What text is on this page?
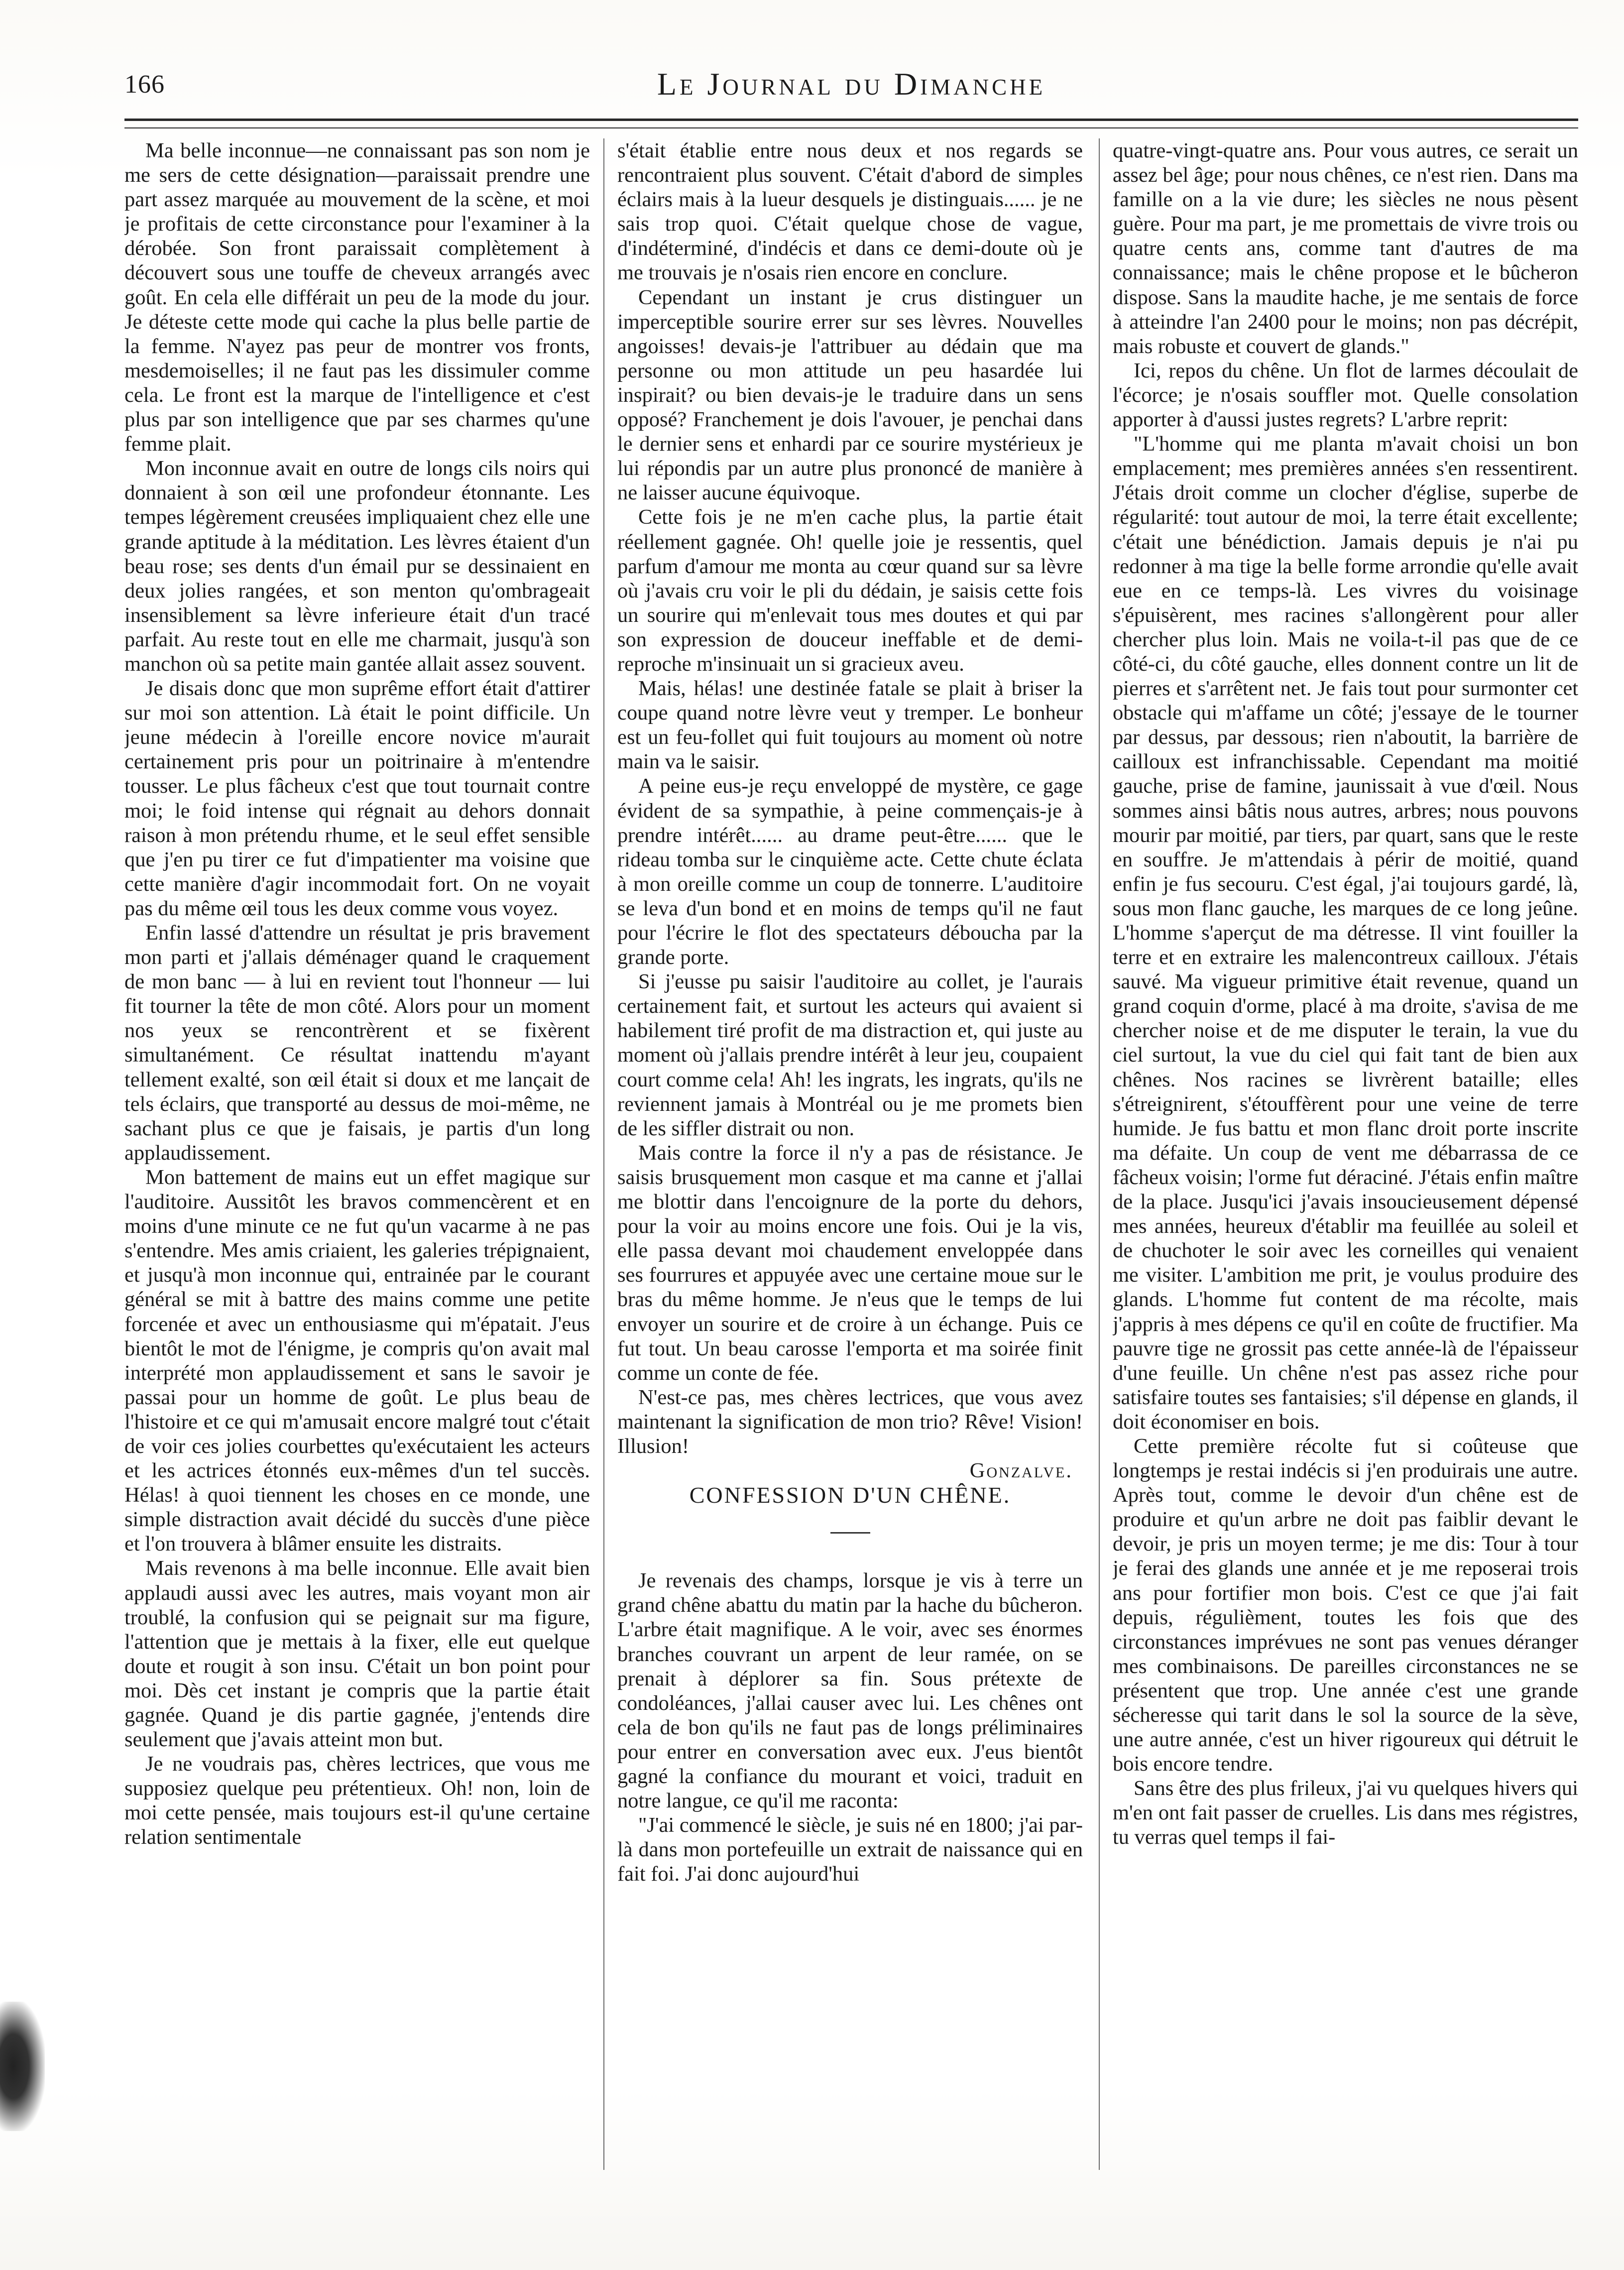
166	Le Journal du Dimanche

Ma belle inconnue—ne connaissant pas son nom je me sers de cette désignation—paraissait prendre une part assez marquée au mouvement de la scène, et moi je profitais de cette circonstance pour l'examiner à la dérobée. Son front paraissait complètement à découvert sous une touffe de cheveux arrangés avec goût. En cela elle différait un peu de la mode du jour. Je déteste cette mode qui cache la plus belle partie de la femme. N'ayez pas peur de montrer vos fronts, mesdemoiselles; il ne faut pas les dissimuler comme cela. Le front est la marque de l'intelligence et c'est plus par son intelligence que par ses charmes qu'une femme plait.

Mon inconnue avait en outre de longs cils noirs qui donnaient à son œil une profondeur étonnante. Les tempes légèrement creusées impliquaient chez elle une grande aptitude à la méditation. Les lèvres étaient d'un beau rose; ses dents d'un émail pur se dessinaient en deux jolies rangées, et son menton qu'ombrageait insensiblement sa lèvre inferieure était d'un tracé parfait. Au reste tout en elle me charmait, jusqu'à son manchon où sa petite main gantée allait assez souvent.

Je disais donc que mon suprême effort était d'attirer sur moi son attention. Là était le point difficile. Un jeune médecin à l'oreille encore novice m'aurait certainement pris pour un poitrinaire à m'entendre tousser. Le plus fâcheux c'est que tout tournait contre moi; le foid intense qui régnait au dehors donnait raison à mon prétendu rhume, et le seul effet sensible que j'en pu tirer ce fut d'impatienter ma voisine que cette manière d'agir incommodait fort. On ne voyait pas du même œil tous les deux comme vous voyez.

Enfin lassé d'attendre un résultat je pris bravement mon parti et j'allais déménager quand le craquement de mon banc — à lui en revient tout l'honneur — lui fit tourner la tête de mon côté. Alors pour un moment nos yeux se rencontrèrent et se fixèrent simultanément. Ce résultat inattendu m'ayant tellement exalté, son œil était si doux et me lançait de tels éclairs, que transporté au dessus de moi-même, ne sachant plus ce que je faisais, je partis d'un long applaudissement.

Mon battement de mains eut un effet magique sur l'auditoire. Aussitôt les bravos commencèrent et en moins d'une minute ce ne fut qu'un vacarme à ne pas s'entendre. Mes amis criaient, les galeries trépignaient, et jusqu'à mon inconnue qui, entrainée par le courant général se mit à battre des mains comme une petite forcenée et avec un enthousiasme qui m'épatait. J'eus bientôt le mot de l'énigme, je compris qu'on avait mal interprété mon applaudissement et sans le savoir je passai pour un homme de goût. Le plus beau de l'histoire et ce qui m'amusait encore malgré tout c'était de voir ces jolies courbettes qu'exécutaient les acteurs et les actrices étonnés eux-mêmes d'un tel succès. Hélas! à quoi tiennent les choses en ce monde, une simple distraction avait décidé du succès d'une pièce et l'on trouvera à blâmer ensuite les distraits.

Mais revenons à ma belle inconnue. Elle avait bien applaudi aussi avec les autres, mais voyant mon air troublé, la confusion qui se peignait sur ma figure, l'attention que je mettais à la fixer, elle eut quelque doute et rougit à son insu. C'était un bon point pour moi. Dès cet instant je compris que la partie était gagnée. Quand je dis partie gagnée, j'entends dire seulement que j'avais atteint mon but.

Je ne voudrais pas, chères lectrices, que vous me supposiez quelque peu prétentieux. Oh! non, loin de moi cette pensée, mais toujours est-il qu'une certaine relation sentimentale

s'était établie entre nous deux et nos regards se rencontraient plus souvent. C'était d'abord de simples éclairs mais à la lueur desquels je distinguais...... je ne sais trop quoi. C'était quelque chose de vague, d'indéterminé, d'indécis et dans ce demi-doute où je me trouvais je n'osais rien encore en conclure.

Cependant un instant je crus distinguer un imperceptible sourire errer sur ses lèvres. Nouvelles angoisses! devais-je l'attribuer au dédain que ma personne ou mon attitude un peu hasardée lui inspirait? ou bien devais-je le traduire dans un sens opposé? Franchement je dois l'avouer, je penchai dans le dernier sens et enhardi par ce sourire mystérieux je lui répondis par un autre plus prononcé de manière à ne laisser aucune équivoque.

Cette fois je ne m'en cache plus, la partie était réellement gagnée. Oh! quelle joie je ressentis, quel parfum d'amour me monta au cœur quand sur sa lèvre où j'avais cru voir le pli du dédain, je saisis cette fois un sourire qui m'enlevait tous mes doutes et qui par son expression de douceur ineffable et de demi-reproche m'insinuait un si gracieux aveu.

Mais, hélas! une destinée fatale se plait à briser la coupe quand notre lèvre veut y tremper. Le bonheur est un feu-follet qui fuit toujours au moment où notre main va le saisir.

A peine eus-je reçu enveloppé de mystère, ce gage évident de sa sympathie, à peine commençais-je à prendre intérêt...... au drame peut-être...... que le rideau tomba sur le cinquième acte. Cette chute éclata à mon oreille comme un coup de tonnerre. L'auditoire se leva d'un bond et en moins de temps qu'il ne faut pour l'écrire le flot des spectateurs déboucha par la grande porte.

Si j'eusse pu saisir l'auditoire au collet, je l'aurais certainement fait, et surtout les acteurs qui avaient si habilement tiré profit de ma distraction et, qui juste au moment où j'allais prendre intérêt à leur jeu, coupaient court comme cela! Ah! les ingrats, les ingrats, qu'ils ne reviennent jamais à Montréal ou je me promets bien de les siffler distrait ou non.

Mais contre la force il n'y a pas de résistance. Je saisis brusquement mon casque et ma canne et j'allai me blottir dans l'encoignure de la porte du dehors, pour la voir au moins encore une fois. Oui je la vis, elle passa devant moi chaudement enveloppée dans ses fourrures et appuyée avec une certaine moue sur le bras du même homme. Je n'eus que le temps de lui envoyer un sourire et de croire à un échange. Puis ce fut tout. Un beau carosse l'emporta et ma soirée finit comme un conte de fée.

N'est-ce pas, mes chères lectrices, que vous avez maintenant la signification de mon trio? Rêve! Vision! Illusion!

Gonzalve.

CONFESSION D'UN CHÊNE.

Je revenais des champs, lorsque je vis à terre un grand chêne abattu du matin par la hache du bûcheron. L'arbre était magnifique. A le voir, avec ses énormes branches couvrant un arpent de leur ramée, on se prenait à déplorer sa fin. Sous prétexte de condoléances, j'allai causer avec lui. Les chênes ont cela de bon qu'ils ne faut pas de longs préliminaires pour entrer en conversation avec eux. J'eus bientôt gagné la confiance du mourant et voici, traduit en notre langue, ce qu'il me raconta:

"J'ai commencé le siècle, je suis né en 1800; j'ai par-là dans mon portefeuille un extrait de naissance qui en fait foi. J'ai donc aujourd'hui

quatre-vingt-quatre ans. Pour vous autres, ce serait un assez bel âge; pour nous chênes, ce n'est rien. Dans ma famille on a la vie dure; les siècles ne nous pèsent guère. Pour ma part, je me promettais de vivre trois ou quatre cents ans, comme tant d'autres de ma connaissance; mais le chêne propose et le bûcheron dispose. Sans la maudite hache, je me sentais de force à atteindre l'an 2400 pour le moins; non pas décrépit, mais robuste et couvert de glands."

Ici, repos du chêne. Un flot de larmes découlait de l'écorce; je n'osais souffler mot. Quelle consolation apporter à d'aussi justes regrets? L'arbre reprit:

"L'homme qui me planta m'avait choisi un bon emplacement; mes premières années s'en ressentirent. J'étais droit comme un clocher d'église, superbe de régularité: tout autour de moi, la terre était excellente; c'était une bénédiction. Jamais depuis je n'ai pu redonner à ma tige la belle forme arrondie qu'elle avait eue en ce temps-là. Les vivres du voisinage s'épuisèrent, mes racines s'allongèrent pour aller chercher plus loin. Mais ne voila-t-il pas que de ce côté-ci, du côté gauche, elles donnent contre un lit de pierres et s'arrêtent net. Je fais tout pour surmonter cet obstacle qui m'affame un côté; j'essaye de le tourner par dessus, par dessous; rien n'aboutit, la barrière de cailloux est infranchissable. Cependant ma moitié gauche, prise de famine, jaunissait à vue d'œil. Nous sommes ainsi bâtis nous autres, arbres; nous pouvons mourir par moitié, par tiers, par quart, sans que le reste en souffre. Je m'attendais à périr de moitié, quand enfin je fus secouru. C'est égal, j'ai toujours gardé, là, sous mon flanc gauche, les marques de ce long jeûne. L'homme s'aperçut de ma détresse. Il vint fouiller la terre et en extraire les malencontreux cailloux. J'étais sauvé. Ma vigueur primitive était revenue, quand un grand coquin d'orme, placé à ma droite, s'avisa de me chercher noise et de me disputer le terain, la vue du ciel surtout, la vue du ciel qui fait tant de bien aux chênes. Nos racines se livrèrent bataille; elles s'étreignirent, s'étouffèrent pour une veine de terre humide. Je fus battu et mon flanc droit porte inscrite ma défaite. Un coup de vent me débarrassa de ce fâcheux voisin; l'orme fut déraciné. J'étais enfin maître de la place. Jusqu'ici j'avais insoucieusement dépensé mes années, heureux d'établir ma feuillée au soleil et de chuchoter le soir avec les corneilles qui venaient me visiter. L'ambition me prit, je voulus produire des glands. L'homme fut content de ma récolte, mais j'appris à mes dépens ce qu'il en coûte de fructifier. Ma pauvre tige ne grossit pas cette année-là de l'épaisseur d'une feuille. Un chêne n'est pas assez riche pour satisfaire toutes ses fantaisies; s'il dépense en glands, il doit économiser en bois.

Cette première récolte fut si coûteuse que longtemps je restai indécis si j'en produirais une autre. Après tout, comme le devoir d'un chêne est de produire et qu'un arbre ne doit pas faiblir devant le devoir, je pris un moyen terme; je me dis: Tour à tour je ferai des glands une année et je me reposerai trois ans pour fortifier mon bois. C'est ce que j'ai fait depuis, régulièment, toutes les fois que des circonstances imprévues ne sont pas venues déranger mes combinaisons. De pareilles circonstances ne se présentent que trop. Une année c'est une grande sécheresse qui tarit dans le sol la source de la sève, une autre année, c'est un hiver rigoureux qui détruit le bois encore tendre.

Sans être des plus frileux, j'ai vu quelques hivers qui m'en ont fait passer de cruelles. Lis dans mes régistres, tu verras quel temps il fai-
